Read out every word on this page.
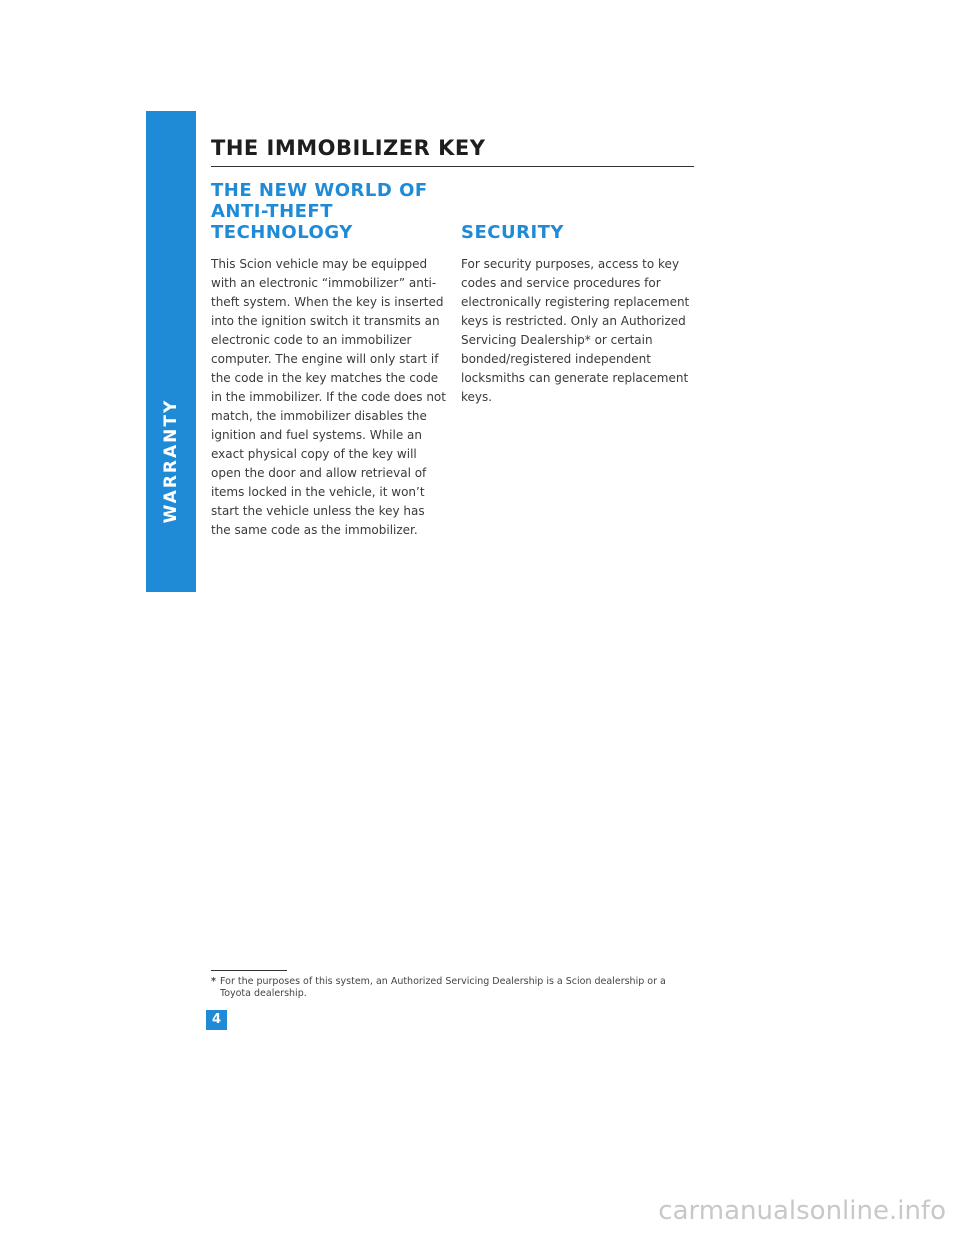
WARRANTY
THE IMMOBILIZER KEY
THE NEW WORLD OF ANTI-THEFT TECHNOLOGY

This Scion vehicle may be equipped with an electronic “immobilizer” anti-theft system. When the key is inserted into the ignition switch it transmits an electronic code to an immobilizer computer. The engine will only start if the code in the key matches the code in the immobilizer. If the code does not match, the immobilizer disables the ignition and fuel systems. While an exact physical copy of the key will open the door and allow retrieval of items locked in the vehicle, it won’t start the vehicle unless the key has the same code as the immobilizer.

SECURITY

For security purposes, access to key codes and service procedures for electronically registering replacement keys is restricted. Only an Authorized Servicing Dealership* or certain bonded/registered independent locksmiths can generate replacement keys.

* For the purposes of this system, an Authorized Servicing Dealership is a Scion dealership or a Toyota dealership.
4
carmanualsonline.info
